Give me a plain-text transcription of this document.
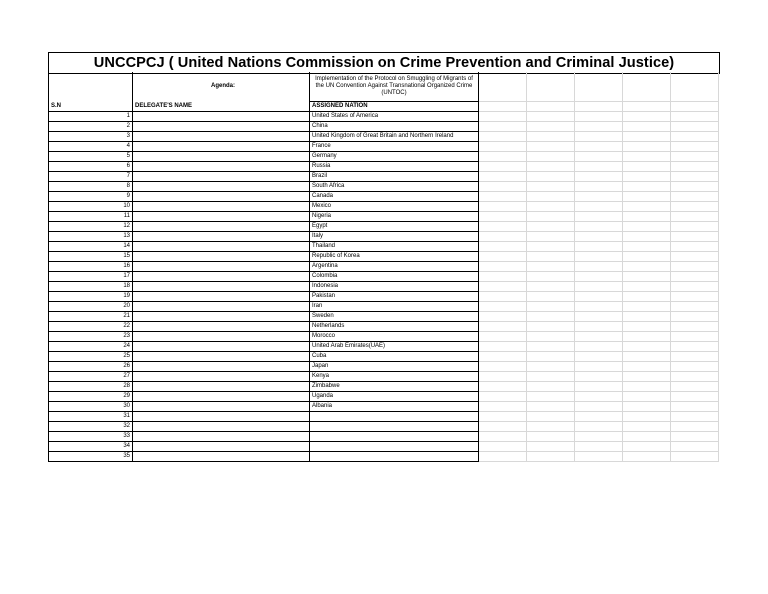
UNCCPCJ ( United Nations Commission on Crime Prevention and Criminal Justice)
	Agenda:	Implementation of the Protocol on Smuggling of Migrants of the UN Convention Against Transnational Organized Crime (UNTOC)					
S.N	DELEGATE'S NAME	ASSIGNED NATION					
1		United States of America					
2		China					
3		United Kingdom of Great Britain and Northern Ireland					
4		France					
5		Germany					
6		Russia					
7		Brazil					
8		South Africa					
9		Canada					
10		Mexico					
11		Nigeria					
12		Egypt					
13		Italy					
14		Thailand					
15		Republic of Korea					
16		Argentina					
17		Colombia					
18		Indonesia					
19		Pakistan					
20		Iran					
21		Sweden					
22		Netherlands					
23		Morocco					
24		United Arab Emirates(UAE)					
25		Cuba					
26		Japan					
27		Kenya					
28		Zimbabwe					
29		Uganda					
30		Albania					
31							
32							
33							
34							
35							
